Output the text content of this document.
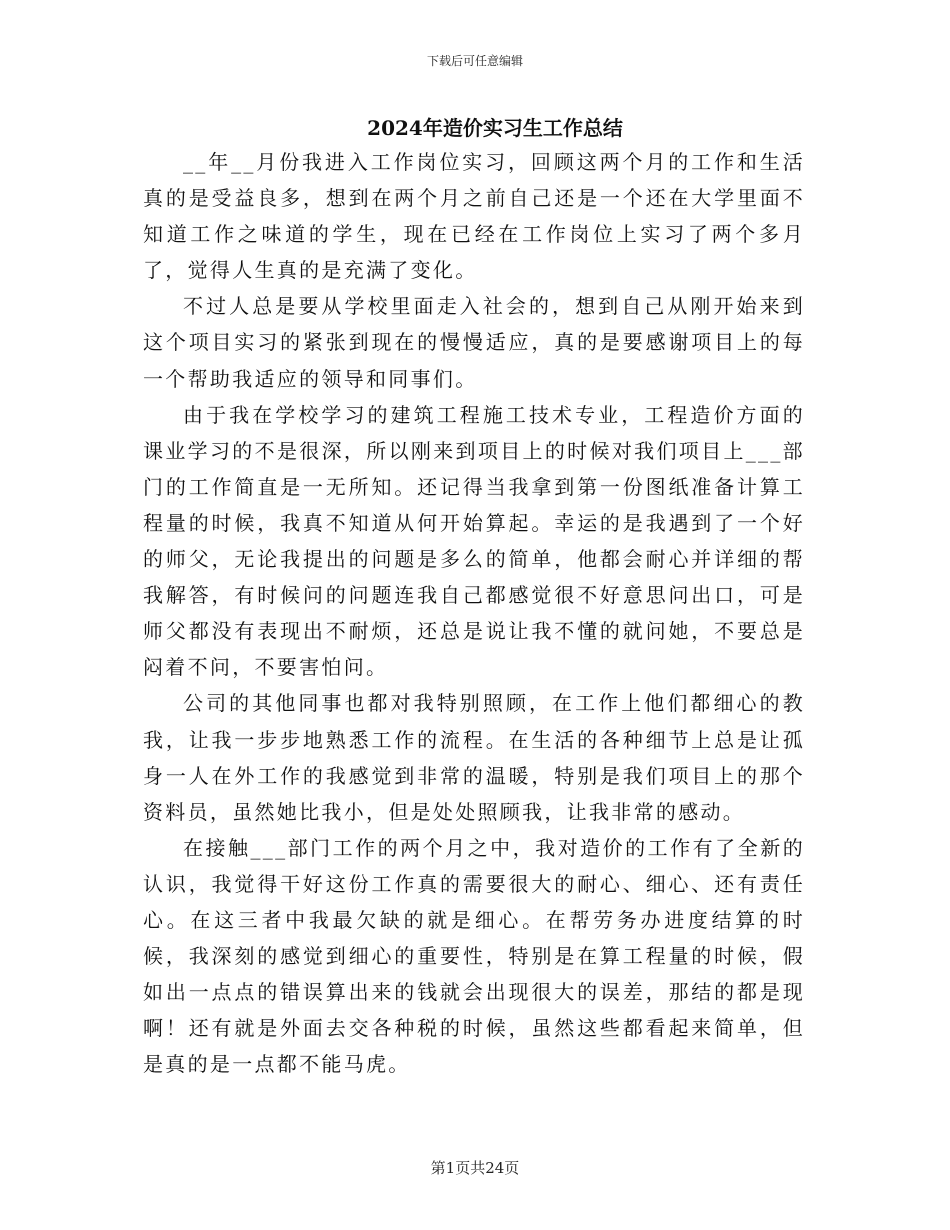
下载后可任意编辑
2024年造价实习生工作总结

__年__月份我进入工作岗位实习，回顾这两个月的工作和生活真的是受益良多，想到在两个月之前自己还是一个还在大学里面不知道工作之味道的学生，现在已经在工作岗位上实习了两个多月了，觉得人生真的是充满了变化。

不过人总是要从学校里面走入社会的，想到自己从刚开始来到这个项目实习的紧张到现在的慢慢适应，真的是要感谢项目上的每一个帮助我适应的领导和同事们。

由于我在学校学习的建筑工程施工技术专业，工程造价方面的课业学习的不是很深，所以刚来到项目上的时候对我们项目上___部门的工作简直是一无所知。还记得当我拿到第一份图纸准备计算工程量的时候，我真不知道从何开始算起。幸运的是我遇到了一个好的师父，无论我提出的问题是多么的简单，他都会耐心并详细的帮我解答，有时候问的问题连我自己都感觉很不好意思问出口，可是师父都没有表现出不耐烦，还总是说让我不懂的就问她，不要总是闷着不问，不要害怕问。

公司的其他同事也都对我特别照顾，在工作上他们都细心的教我，让我一步步地熟悉工作的流程。在生活的各种细节上总是让孤身一人在外工作的我感觉到非常的温暖，特别是我们项目上的那个资料员，虽然她比我小，但是处处照顾我，让我非常的感动。

在接触___部门工作的两个月之中，我对造价的工作有了全新的认识，我觉得干好这份工作真的需要很大的耐心、细心、还有责任心。在这三者中我最欠缺的就是细心。在帮劳务办进度结算的时候，我深刻的感觉到细心的重要性，特别是在算工程量的时候，假如出一点点的错误算出来的钱就会出现很大的误差，那结的都是现啊！还有就是外面去交各种税的时候，虽然这些都看起来简单，但是真的是一点都不能马虎。

第1页共24页
